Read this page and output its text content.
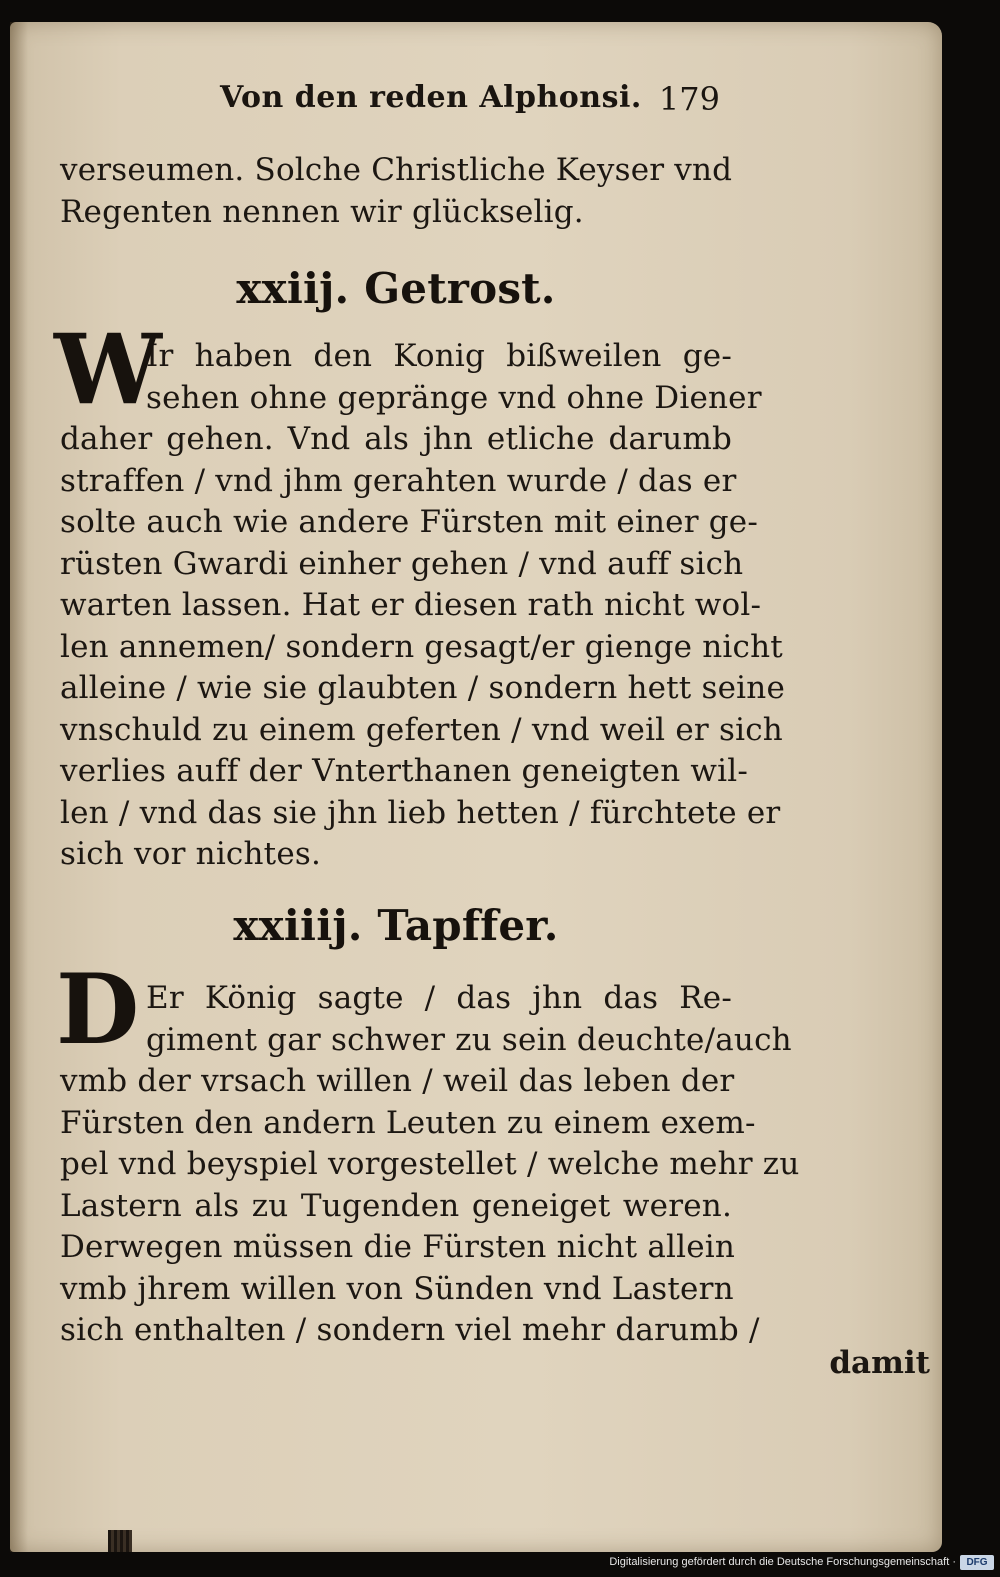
Von den reden Alphonsi. 179
verseumen. Solche Christliche Keyser vnd
Regenten nennen wir glückselig.
xxiij. Getrost.
W
Ir haben den Konig bißweilen ge-
sehen ohne gepränge vnd ohne Diener
daher gehen. Vnd als jhn etliche darumb
straffen / vnd jhm gerahten wurde / das er
solte auch wie andere Fürsten mit einer ge-
rüsten Gwardi einher gehen / vnd auff sich
warten lassen. Hat er diesen rath nicht wol-
len annemen/ sondern gesagt/er gienge nicht
alleine / wie sie glaubten / sondern hett seine
vnschuld zu einem geferten / vnd weil er sich
verlies auff der Vnterthanen geneigten wil-
len / vnd das sie jhn lieb hetten / fürchtete er
sich vor nichtes.
xxiiij. Tapffer.
D Er König sagte / das jhn das Re-
giment gar schwer zu sein deuchte/auch
vmb der vrsach willen / weil das leben der
Fürsten den andern Leuten zu einem exem-
pel vnd beyspiel vorgestellet / welche mehr zu
Lastern als zu Tugenden geneiget weren.
Derwegen müssen die Fürsten nicht allein
vmb jhrem willen von Sünden vnd Lastern
sich enthalten / sondern viel mehr darumb /
damit
Digitalisierung gefördert durch die Deutsche Forschungsgemeinschaft ·	DFG
